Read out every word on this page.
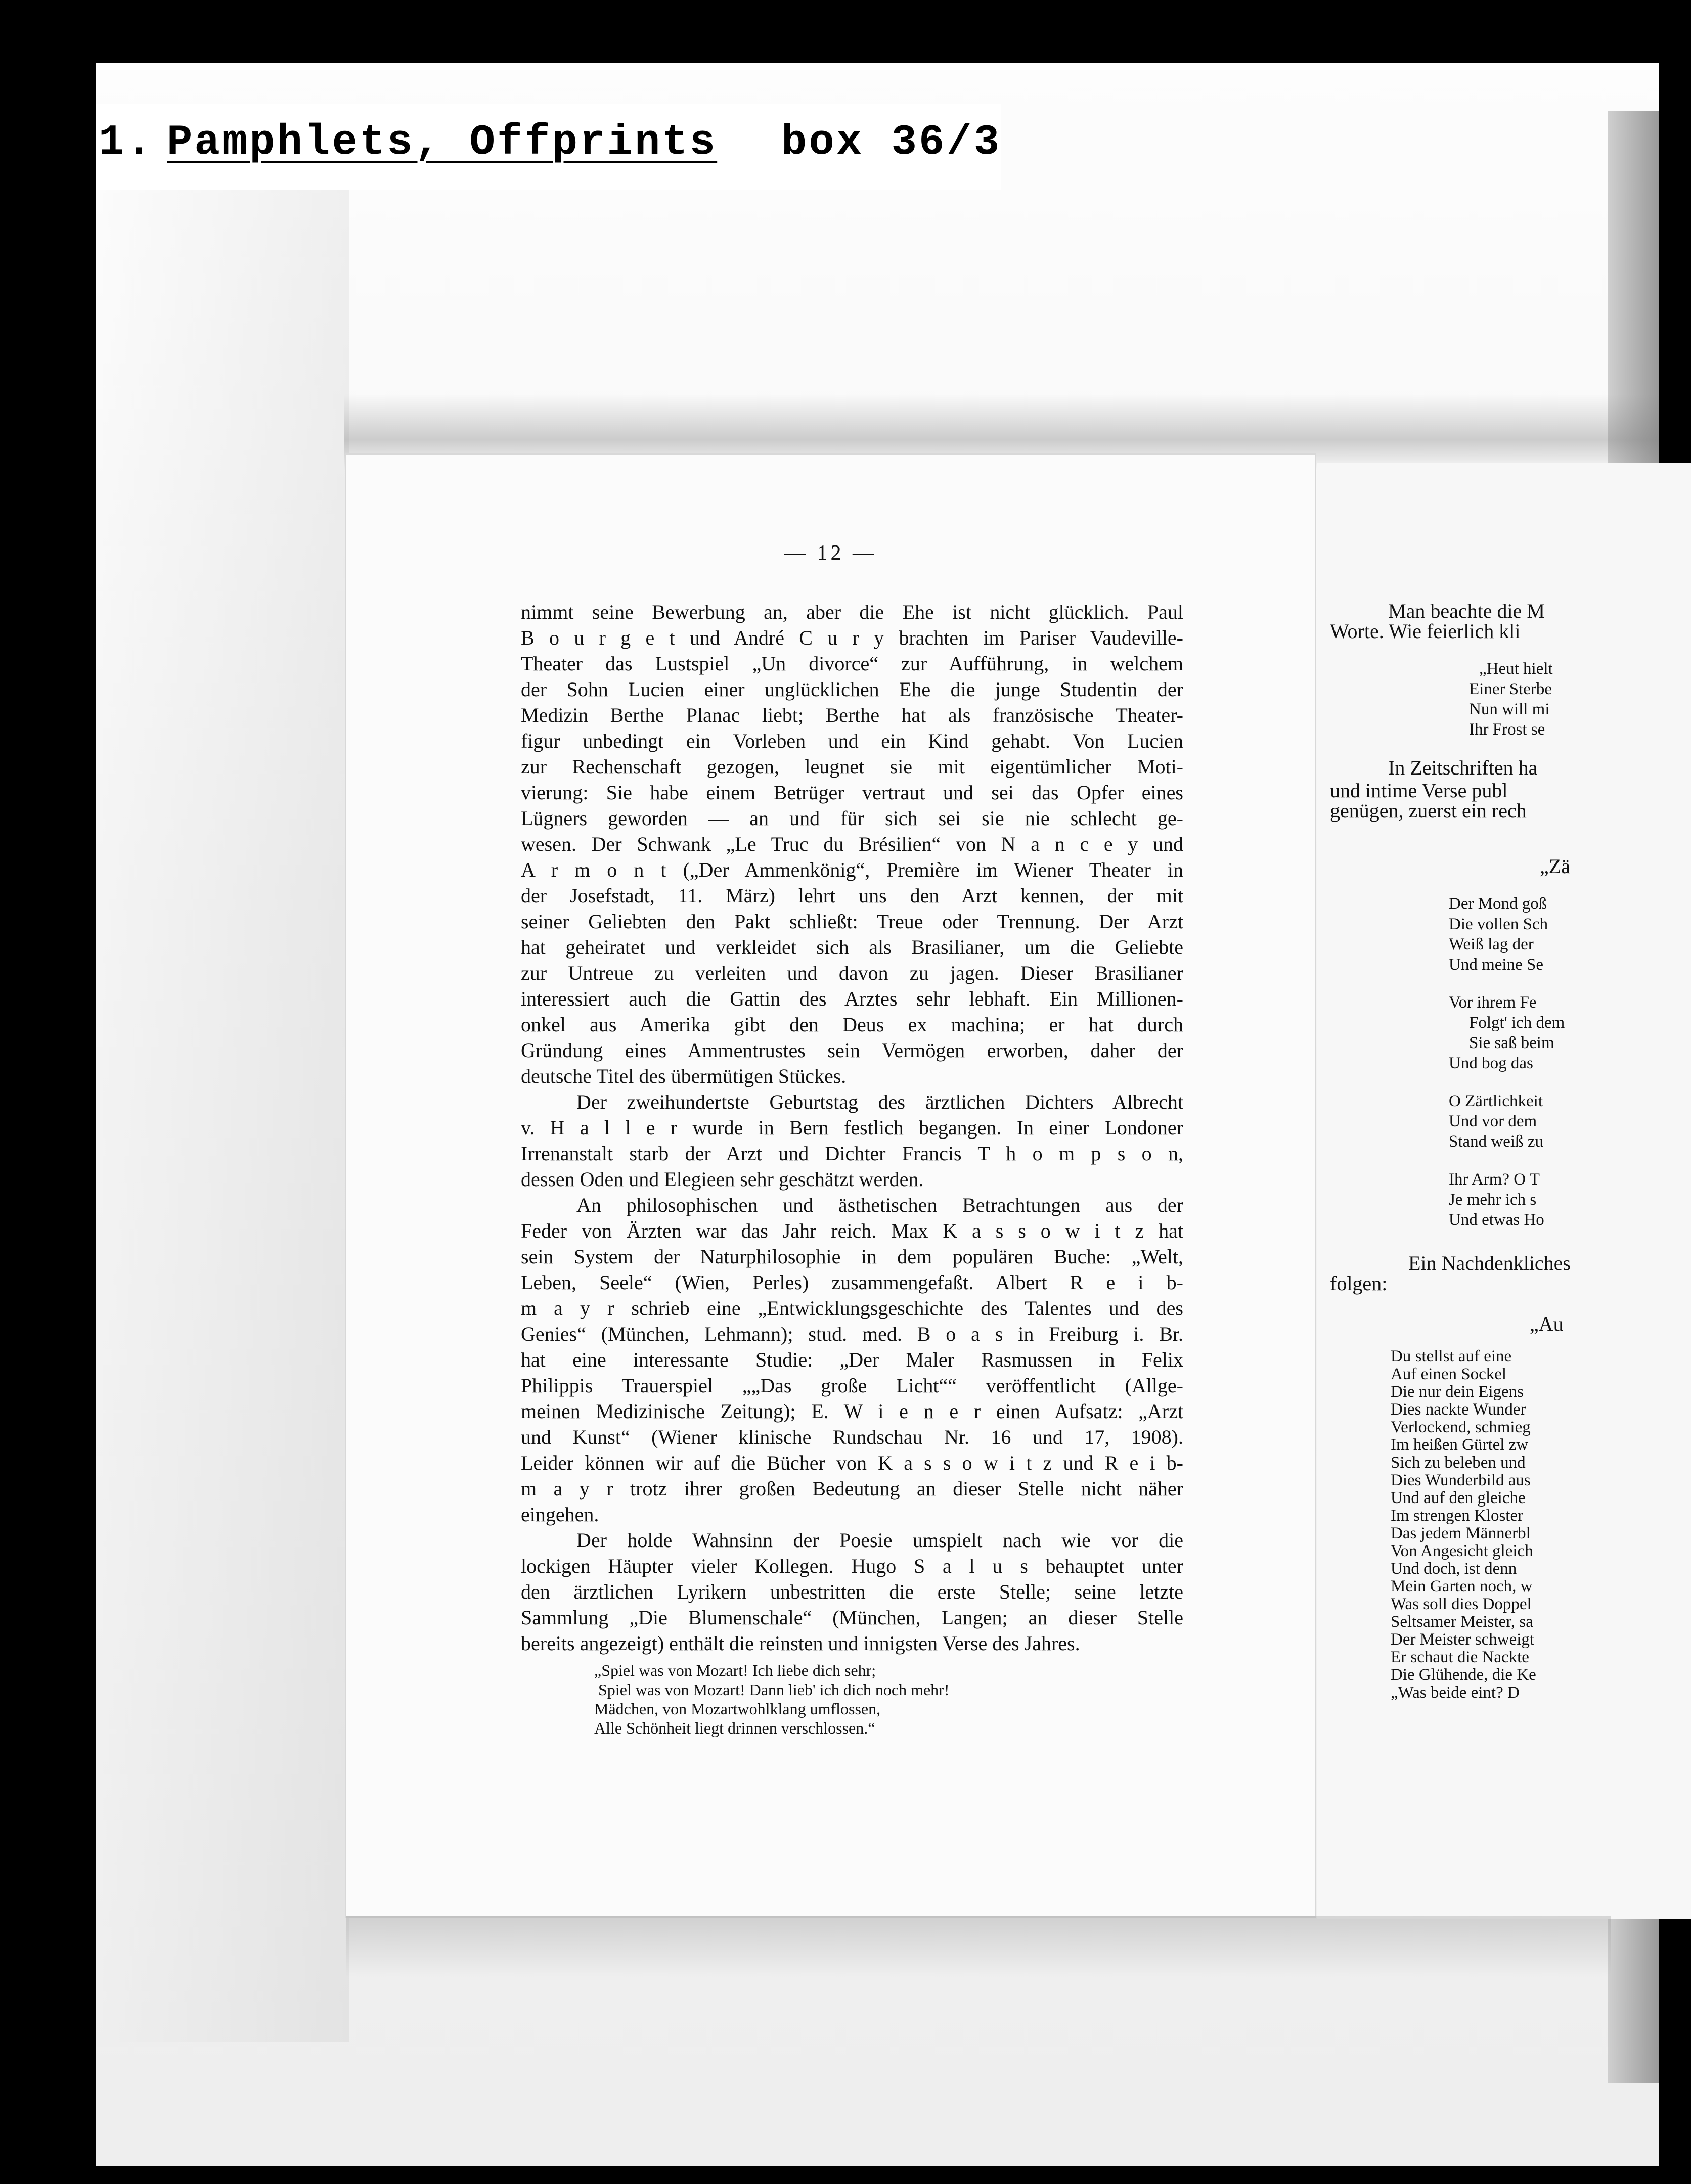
1. Pamphlets, Offprints box 36/3
— 12 —
nimmt seine Bewerbung an, aber die Ehe ist nicht glücklich. Paul
B o u r g e t und André C u r y brachten im Pariser Vaudeville-
Theater das Lustspiel „Un divorce“ zur Aufführung, in welchem
der Sohn Lucien einer unglücklichen Ehe die junge Studentin der
Medizin Berthe Planac liebt; Berthe hat als französische Theater-
figur unbedingt ein Vorleben und ein Kind gehabt. Von Lucien
zur Rechenschaft gezogen, leugnet sie mit eigentümlicher Moti-
vierung: Sie habe einem Betrüger vertraut und sei das Opfer eines
Lügners geworden — an und für sich sei sie nie schlecht ge-
wesen. Der Schwank „Le Truc du Brésilien“ von N a n c e y und
A r m o n t („Der Ammenkönig“, Première im Wiener Theater in
der Josefstadt, 11. März) lehrt uns den Arzt kennen, der mit
seiner Geliebten den Pakt schließt: Treue oder Trennung. Der Arzt
hat geheiratet und verkleidet sich als Brasilianer, um die Geliebte
zur Untreue zu verleiten und davon zu jagen. Dieser Brasilianer
interessiert auch die Gattin des Arztes sehr lebhaft. Ein Millionen-
onkel aus Amerika gibt den Deus ex machina; er hat durch
Gründung eines Ammentrustes sein Vermögen erworben, daher der
deutsche Titel des übermütigen Stückes.
Der zweihundertste Geburtstag des ärztlichen Dichters Albrecht
v. H a l l e r wurde in Bern festlich begangen. In einer Londoner
Irrenanstalt starb der Arzt und Dichter Francis T h o m p s o n,
dessen Oden und Elegieen sehr geschätzt werden.
An philosophischen und ästhetischen Betrachtungen aus der
Feder von Ärzten war das Jahr reich. Max K a s s o w i t z hat
sein System der Naturphilosophie in dem populären Buche: „Welt,
Leben, Seele“ (Wien, Perles) zusammengefaßt. Albert R e i b-
m a y r schrieb eine „Entwicklungsgeschichte des Talentes und des
Genies“ (München, Lehmann); stud. med. B o a s in Freiburg i. Br.
hat eine interessante Studie: „Der Maler Rasmussen in Felix
Philippis Trauerspiel „„Das große Licht““ veröffentlicht (Allge-
meinen Medizinische Zeitung); E. W i e n e r einen Aufsatz: „Arzt
und Kunst“ (Wiener klinische Rundschau Nr. 16 und 17, 1908).
Leider können wir auf die Bücher von K a s s o w i t z und R e i b-
m a y r trotz ihrer großen Bedeutung an dieser Stelle nicht näher
eingehen.
Der holde Wahnsinn der Poesie umspielt nach wie vor die
lockigen Häupter vieler Kollegen. Hugo S a l u s behauptet unter
den ärztlichen Lyrikern unbestritten die erste Stelle; seine letzte
Sammlung „Die Blumenschale“ (München, Langen; an dieser Stelle
bereits angezeigt) enthält die reinsten und innigsten Verse des Jahres.
„Spiel was von Mozart! Ich liebe dich sehr;
Spiel was von Mozart! Dann lieb' ich dich noch mehr!
Mädchen, von Mozartwohlklang umflossen,
Alle Schönheit liegt drinnen verschlossen.“
Man beachte die M
Worte. Wie feierlich kli
„Heut hielt
Einer Sterbe
Nun will mi
Ihr Frost se
In Zeitschriften ha
und intime Verse publ
genügen, zuerst ein rech
„Zä
Der Mond goß
Die vollen Sch
Weiß lag der
Und meine Se
Vor ihrem Fe
Folgt' ich dem
Sie saß beim
Und bog das
O Zärtlichkeit
Und vor dem
Stand weiß zu
Ihr Arm? O T
Je mehr ich s
Und etwas Ho
Ein Nachdenkliches
folgen:
„Au
Du stellst auf eine
Auf einen Sockel
Die nur dein Eigens
Dies nackte Wunder
Verlockend, schmieg
Im heißen Gürtel zw
Sich zu beleben und
Dies Wunderbild aus
Und auf den gleiche
Im strengen Kloster
Das jedem Männerbl
Von Angesicht gleich
Und doch, ist denn
Mein Garten noch, w
Was soll dies Doppel
Seltsamer Meister, sa
Der Meister schweigt
Er schaut die Nackte
Die Glühende, die Ke
„Was beide eint? D
